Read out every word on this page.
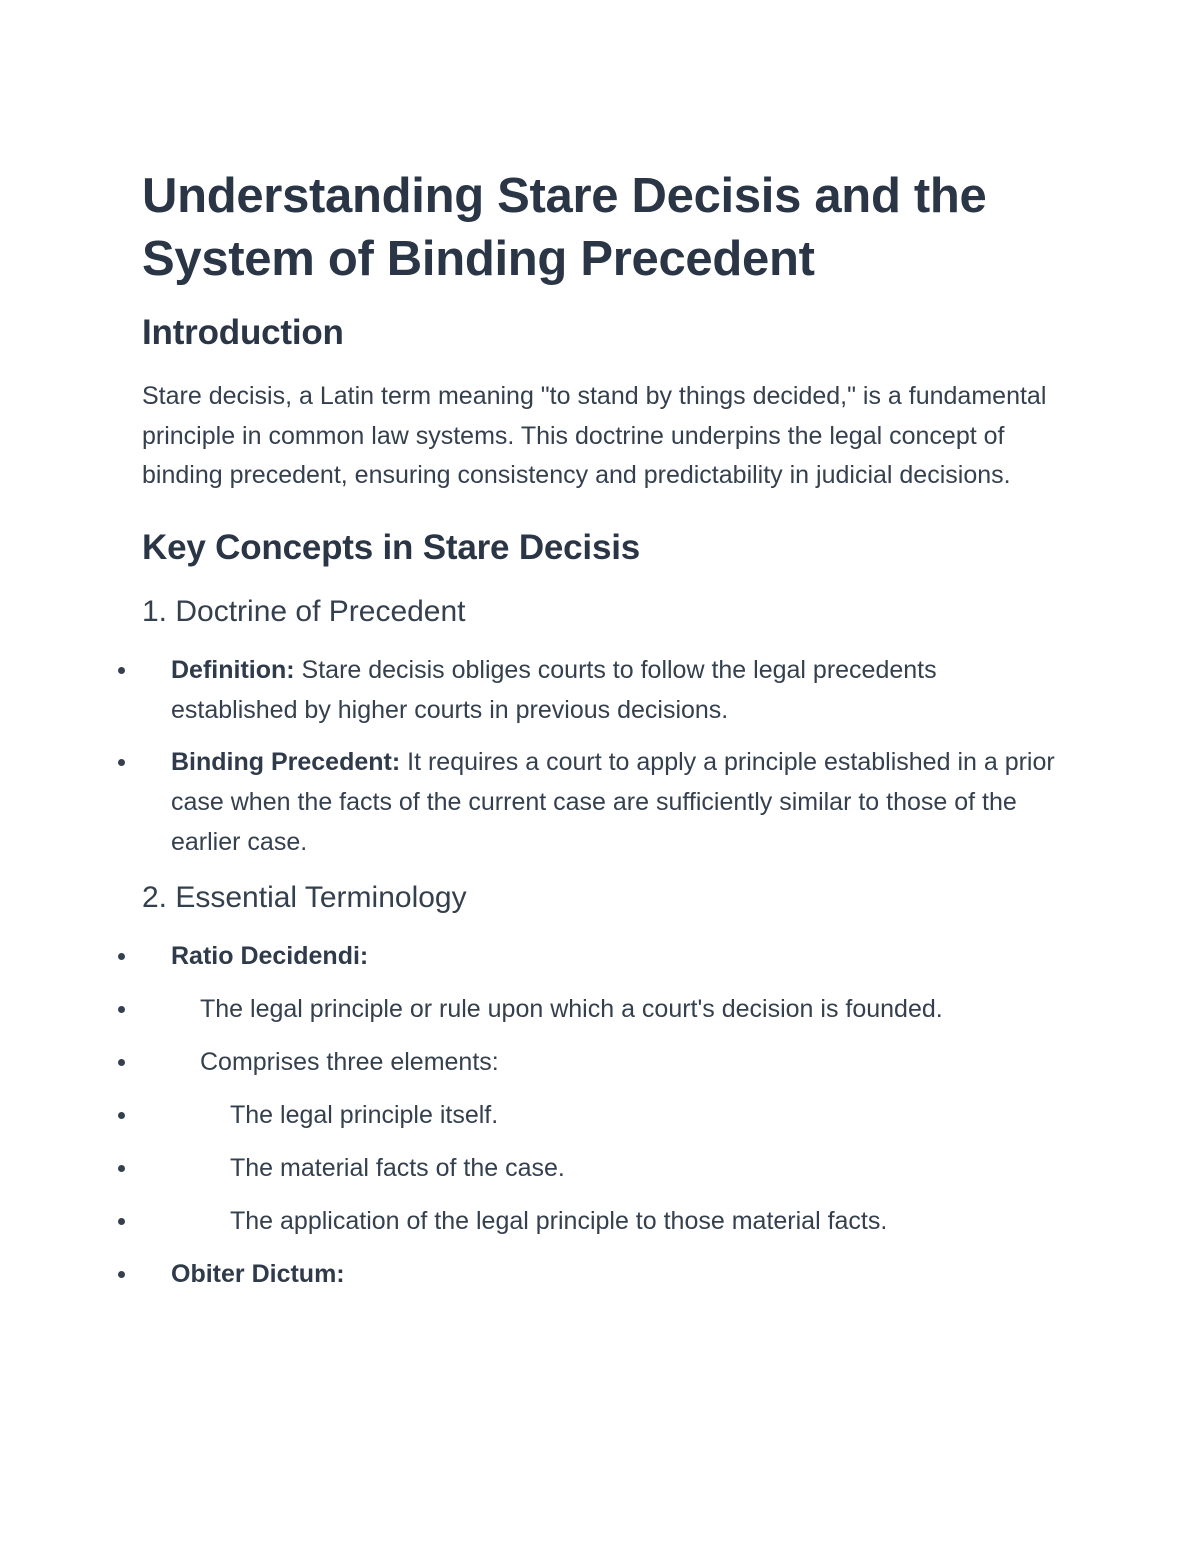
Understanding Stare Decisis and the System of Binding Precedent
Introduction

Stare decisis, a Latin term meaning "to stand by things decided," is a fundamental principle in common law systems. This doctrine underpins the legal concept of binding precedent, ensuring consistency and predictability in judicial decisions.

Key Concepts in Stare Decisis
1. Doctrine of Precedent
Definition: Stare decisis obliges courts to follow the legal precedents established by higher courts in previous decisions.
Binding Precedent: It requires a court to apply a principle established in a prior case when the facts of the current case are sufficiently similar to those of the earlier case.
2. Essential Terminology
Ratio Decidendi:
The legal principle or rule upon which a court's decision is founded.
Comprises three elements:
The legal principle itself.
The material facts of the case.
The application of the legal principle to those material facts.
Obiter Dictum:
